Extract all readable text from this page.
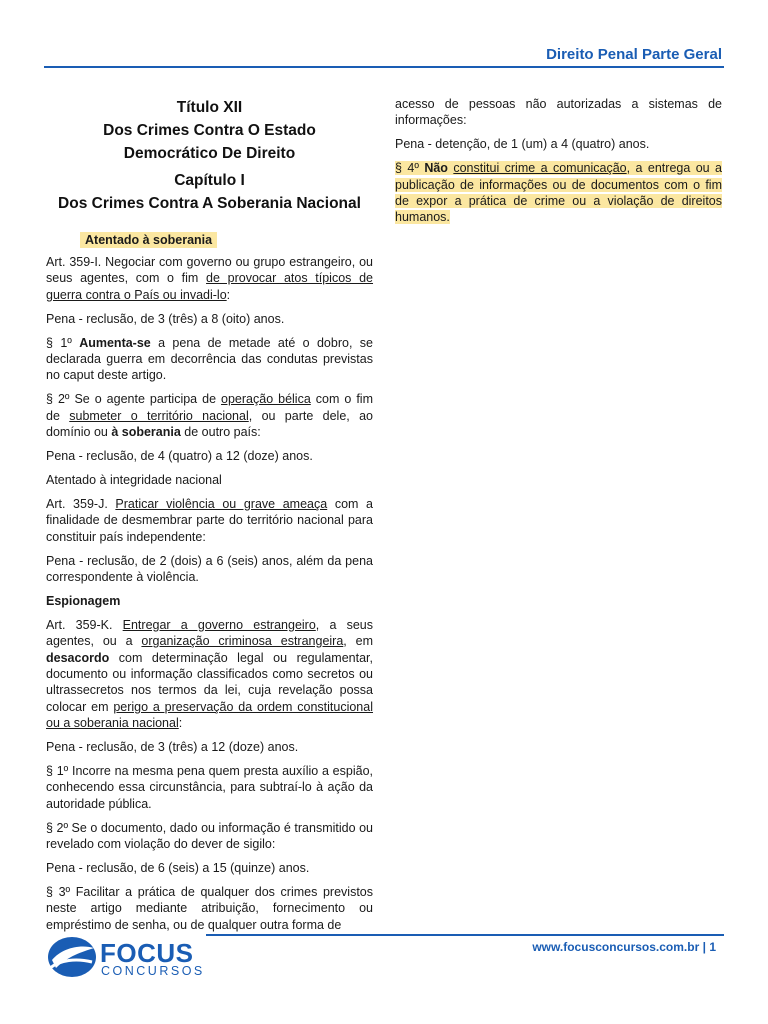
Direito Penal Parte Geral
Título XII
Dos Crimes Contra O Estado
Democrático De Direito
Capítulo I
Dos Crimes Contra A Soberania Nacional
Atentado à soberania

Art. 359-I. Negociar com governo ou grupo estrangeiro, ou seus agentes, com o fim de provocar atos típicos de guerra contra o País ou invadi-lo:

Pena - reclusão, de 3 (três) a 8 (oito) anos.

§ 1º Aumenta-se a pena de metade até o dobro, se declarada guerra em decorrência das condutas previstas no caput deste artigo.

§ 2º Se o agente participa de operação bélica com o fim de submeter o território nacional, ou parte dele, ao domínio ou à soberania de outro país:

Pena - reclusão, de 4 (quatro) a 12 (doze) anos.

Atentado à integridade nacional

Art. 359-J. Praticar violência ou grave ameaça com a finalidade de desmembrar parte do território nacional para constituir país independente:

Pena - reclusão, de 2 (dois) a 6 (seis) anos, além da pena correspondente à violência.

Espionagem

Art. 359-K. Entregar a governo estrangeiro, a seus agentes, ou a organização criminosa estrangeira, em desacordo com determinação legal ou regulamentar, documento ou informação classificados como secretos ou ultrassecretos nos termos da lei, cuja revelação possa colocar em perigo a preservação da ordem constitucional ou a soberania nacional:

Pena - reclusão, de 3 (três) a 12 (doze) anos.

§ 1º Incorre na mesma pena quem presta auxílio a espião, conhecendo essa circunstância, para subtraí-lo à ação da autoridade pública.

§ 2º Se o documento, dado ou informação é transmitido ou revelado com violação do dever de sigilo:

Pena - reclusão, de 6 (seis) a 15 (quinze) anos.

§ 3º Facilitar a prática de qualquer dos crimes previstos neste artigo mediante atribuição, fornecimento ou empréstimo de senha, ou de qualquer outra forma de

acesso de pessoas não autorizadas a sistemas de informações:

Pena - detenção, de 1 (um) a 4 (quatro) anos.

§ 4º Não constitui crime a comunicação, a entrega ou a publicação de informações ou de documentos com o fim de expor a prática de crime ou a violação de direitos humanos.

FOCUS
CONCURSOS
www.focusconcursos.com.br | 1
